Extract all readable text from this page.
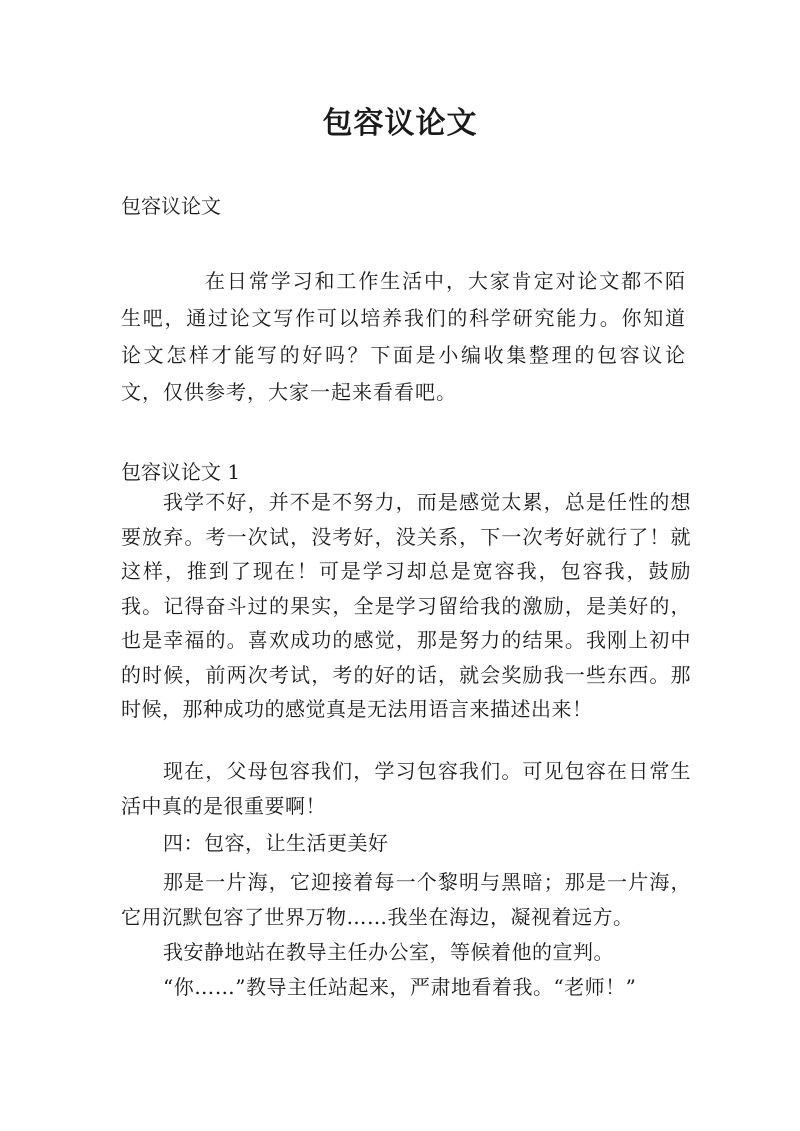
包容议论文

包容议论文

在日常学习和工作生活中，大家肯定对论文都不陌生吧，通过论文写作可以培养我们的科学研究能力。你知道论文怎样才能写的好吗？下面是小编收集整理的包容议论文，仅供参考，大家一起来看看吧。

包容议论文 1

我学不好，并不是不努力，而是感觉太累，总是任性的想要放弃。考一次试，没考好，没关系，下一次考好就行了！就这样，推到了现在！可是学习却总是宽容我，包容我，鼓励我。记得奋斗过的果实，全是学习留给我的激励，是美好的，也是幸福的。喜欢成功的感觉，那是努力的结果。我刚上初中的时候，前两次考试，考的好的话，就会奖励我一些东西。那时候，那种成功的感觉真是无法用语言来描述出来！

现在，父母包容我们，学习包容我们。可见包容在日常生活中真的是很重要啊！

四：包容，让生活更美好

那是一片海，它迎接着每一个黎明与黑暗；那是一片海，它用沉默包容了世界万物……我坐在海边，凝视着远方。

我安静地站在教导主任办公室，等候着他的宣判。

“你……”教导主任站起来，严肃地看着我。“老师！”
